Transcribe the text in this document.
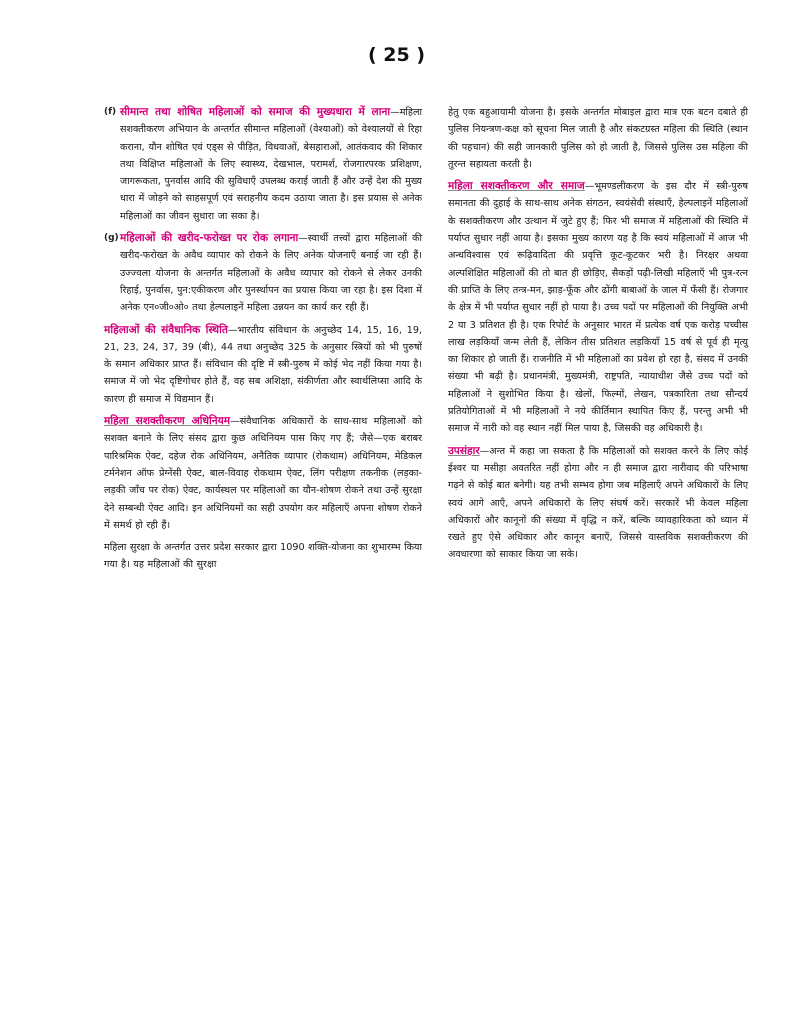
( 25 )
(f) सीमान्त तथा शोषित महिलाओं को समाज की मुख्यधारा में लाना—महिला सशक्तीकरण अभियान के अन्तर्गत सीमान्त महिलाओं (वेश्याओं) को वेश्यालयों से रिहा कराना, यौन शोषित एवं एड्स से पीड़ित, विधवाओं, बेसहाराओं, आतंकवाद की शिकार तथा विक्षिप्त महिलाओं के लिए स्वास्थ्य, देखभाल, परामर्श, रोजगारपरक प्रशिक्षण, जागरूकता, पुनर्वास आदि की सुविधाएँ उपलब्ध कराई जाती हैं और उन्हें देश की मुख्य धारा में जोड़ने को साहसपूर्ण एवं सराहनीय कदम उठाया जाता है। इस प्रयास से अनेक महिलाओं का जीवन सुधारा जा सका है।

(g) महिलाओं की खरीद-फरोख्त पर रोक लगाना—स्वार्थी तत्त्वों द्वारा महिलाओं की खरीद-फरोख्त के अवैध व्यापार को रोकने के लिए अनेक योजनाएँ बनाई जा रही हैं। उज्ज्वला योजना के अन्तर्गत महिलाओं के अवैध व्यापार को रोकने से लेकर उनकी रिहाई, पुनर्वास, पुन:एकीकरण और पुनर्स्थापन का प्रयास किया जा रहा है। इस दिशा में अनेक एन०जी०ओ० तथा हेल्पलाइनें महिला उन्नयन का कार्य कर रही हैं।

महिलाओं की संवैधानिक स्थिति—भारतीय संविधान के अनुच्छेद 14, 15, 16, 19, 21, 23, 24, 37, 39 (बी), 44 तथा अनुच्छेद 325 के अनुसार स्त्रियों को भी पुरुषों के समान अधिकार प्राप्त हैं। संविधान की दृष्टि में स्त्री-पुरुष में कोई भेद नहीं किया गया है। समाज में जो भेद दृष्टिगोचर होते हैं, वह सब अशिक्षा, संकीर्णता और स्वार्थलिप्सा आदि के कारण ही समाज में विद्यमान हैं।

महिला सशक्तीकरण अधिनियम—संवैधानिक अधिकारों के साथ-साथ महिलाओं को सशक्त बनाने के लिए संसद द्वारा कुछ अधिनियम पास किए गए हैं; जैसे—एक बराबर पारिश्रमिक ऐक्ट, दहेज रोक अधिनियम, अनैतिक व्यापार (रोकथाम) अधिनियम, मेडिकल टर्मनेशन ऑफ प्रेग्नेंसी ऐक्ट, बाल-विवाह रोकथाम ऐक्ट, लिंग परीक्षण तकनीक (लड़का-लड़की जाँच पर रोक) ऐक्ट, कार्यस्थल पर महिलाओं का यौन-शोषण रोकने तथा उन्हें सुरक्षा देने सम्बन्धी ऐक्ट आदि। इन अधिनियमों का सही उपयोग कर महिलाएँ अपना शोषण रोकने में समर्थ हो रही हैं।

महिला सुरक्षा के अन्तर्गत उत्तर प्रदेश सरकार द्वारा 1090 शक्ति-योजना का शुभारम्भ किया गया है। यह महिलाओं की सुरक्षा

हेतु एक बहुआयामी योजना है। इसके अन्तर्गत मोबाइल द्वारा मात्र एक बटन दबाते ही पुलिस नियन्त्रण-कक्ष को सूचना मिल जाती है और संकटग्रस्त महिला की स्थिति (स्थान की पहचान) की सही जानकारी पुलिस को हो जाती है, जिससे पुलिस उस महिला की तुरन्त सहायता करती है।

महिला सशक्तीकरण और समाज—भूमण्डलीकरण के इस दौर में स्त्री-पुरुष समानता की दुहाई के साथ-साथ अनेक संगठन, स्वयंसेवी संस्थाएँ, हेल्पलाइनें महिलाओं के सशक्तीकरण और उत्थान में जुटे हुए हैं; फिर भी समाज में महिलाओं की स्थिति में पर्याप्त सुधार नहीं आया है। इसका मुख्य कारण यह है कि स्वयं महिलाओं में आज भी अन्धविश्वास एवं रूढ़िवादिता की प्रवृत्ति कूट-कूटकर भरी है। निरक्षर अथवा अल्पशिक्षित महिलाओं की तो बात ही छोड़िए, सैकड़ों पढ़ी-लिखी महिलाएँ भी पुत्र-रत्न की प्राप्ति के लिए तन्त्र-मन, झाड़-फूँक और ढोंगी बाबाओं के जाल में फँसी हैं। रोजगार के क्षेत्र में भी पर्याप्त सुधार नहीं हो पाया है। उच्च पदों पर महिलाओं की नियुक्ति अभी 2 या 3 प्रतिशत ही है। एक रिपोर्ट के अनुसार भारत में प्रत्येक वर्ष एक करोड़ पच्चीस लाख लड़कियाँ जन्म लेती हैं, लेकिन तीस प्रतिशत लड़कियाँ 15 वर्ष से पूर्व ही मृत्यु का शिकार हो जाती हैं। राजनीति में भी महिलाओं का प्रवेश हो रहा है, संसद में उनकी संख्या भी बढ़ी है। प्रधानमंत्री, मुख्यमंत्री, राष्ट्रपति, न्यायाधीश जैसे उच्च पदों को महिलाओं ने सुशोभित किया है। खेलों, फिल्मों, लेखन, पत्रकारिता तथा सौन्दर्य प्रतियोगिताओं में भी महिलाओं ने नये कीर्तिमान स्थापित किए हैं, परन्तु अभी भी समाज में नारी को वह स्थान नहीं मिल पाया है, जिसकी वह अधिकारी है।

उपसंहार—अन्त में कहा जा सकता है कि महिलाओं को सशक्त करने के लिए कोई ईश्वर या मसीहा अवतरित नहीं होगा और न ही समाज द्वारा नारीवाद की परिभाषा गढ़ने से कोई बात बनेगी। यह तभी सम्भव होगा जब महिलाएँ अपने अधिकारों के लिए स्वयं आगे आएँ, अपने अधिकारों के लिए संघर्ष करें। सरकारें भी केवल महिला अधिकारों और कानूनों की संख्या में वृद्धि न करें, बल्कि व्यावहारिकता को ध्यान में रखते हुए ऐसे अधिकार और कानून बनाएँ, जिससे वास्तविक सशक्तीकरण की अवधारणा को साकार किया जा सके।
